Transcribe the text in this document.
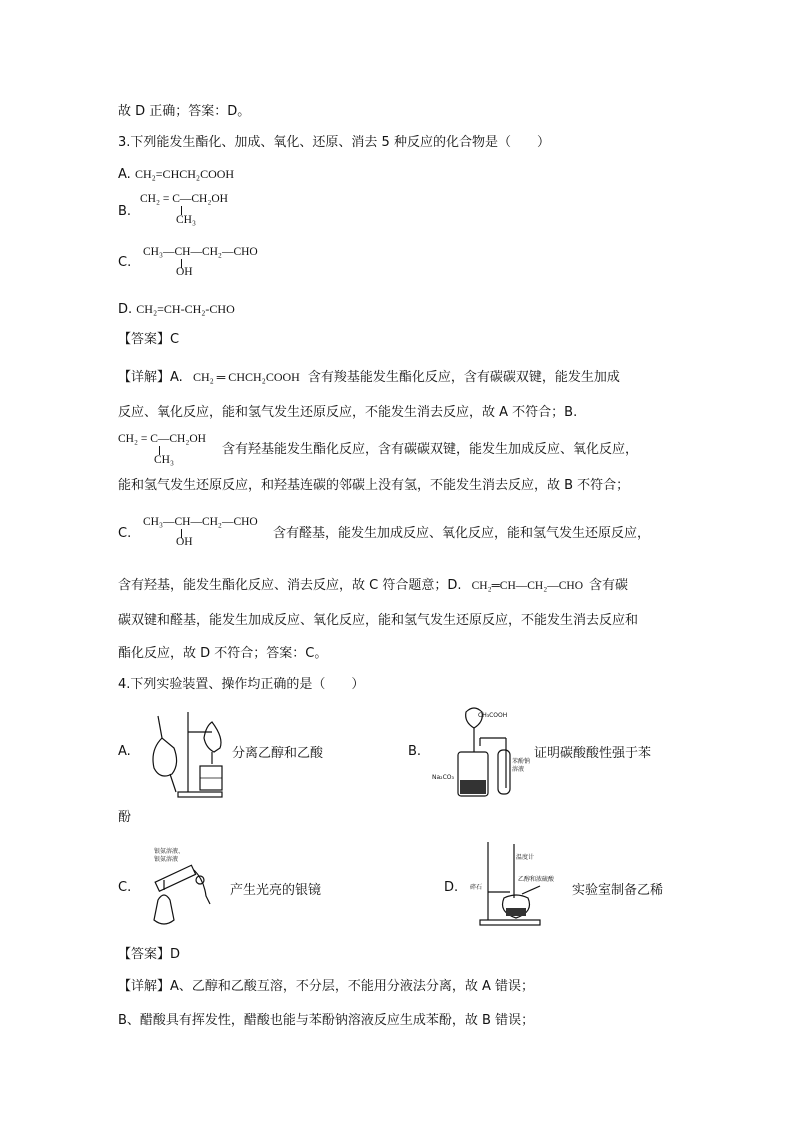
故 D 正确；答案：D。
3.下列能发生酯化、加成、氧化、还原、消去 5 种反应的化合物是（　　）
A. CH₂=CHCH₂COOH
B.
CH₂ = C—CH₂OH
CH₃
C.
CH₃—CH—CH₂—CHO
OH
D. CH₂=CH-CH₂-CHO
【答案】C
【详解】A. CH₂ ═ CHCH₂COOH 含有羧基能发生酯化反应，含有碳碳双键，能发生加成
反应、氧化反应，能和氢气发生还原反应，不能发生消去反应，故 A 不符合；B.
CH₂ = C—CH₂OH
CH₃
含有羟基能发生酯化反应，含有碳碳双键，能发生加成反应、氧化反应，
能和氢气发生还原反应，和羟基连碳的邻碳上没有氢，不能发生消去反应，故 B 不符合；
C.
CH₃—CH—CH₂—CHO
OH
含有醛基，能发生加成反应、氧化反应，能和氢气发生还原反应，
含有羟基，能发生酯化反应、消去反应，故 C 符合题意；D. CH₂═CH—CH₂—CHO 含有碳
碳双键和醛基，能发生加成反应、氧化反应，能和氢气发生还原反应，不能发生消去反应和
酯化反应，故 D 不符合；答案：C。
4.下列实验装置、操作均正确的是（　　）
A.	分离乙醇和乙酸	B.
CH₃COOH
Na₂CO₃
苯酚钠
溶液
证明碳酸酸性强于苯
酚
C.
银氨溶液、
银氨溶液
产生光亮的银镜	D.
温度计
碎石
乙醇和浓硫酸
实验室制备乙稀
【答案】D
【详解】A、乙醇和乙酸互溶，不分层，不能用分液法分离，故 A 错误；
B、醋酸具有挥发性，醋酸也能与苯酚钠溶液反应生成苯酚，故 B 错误；
